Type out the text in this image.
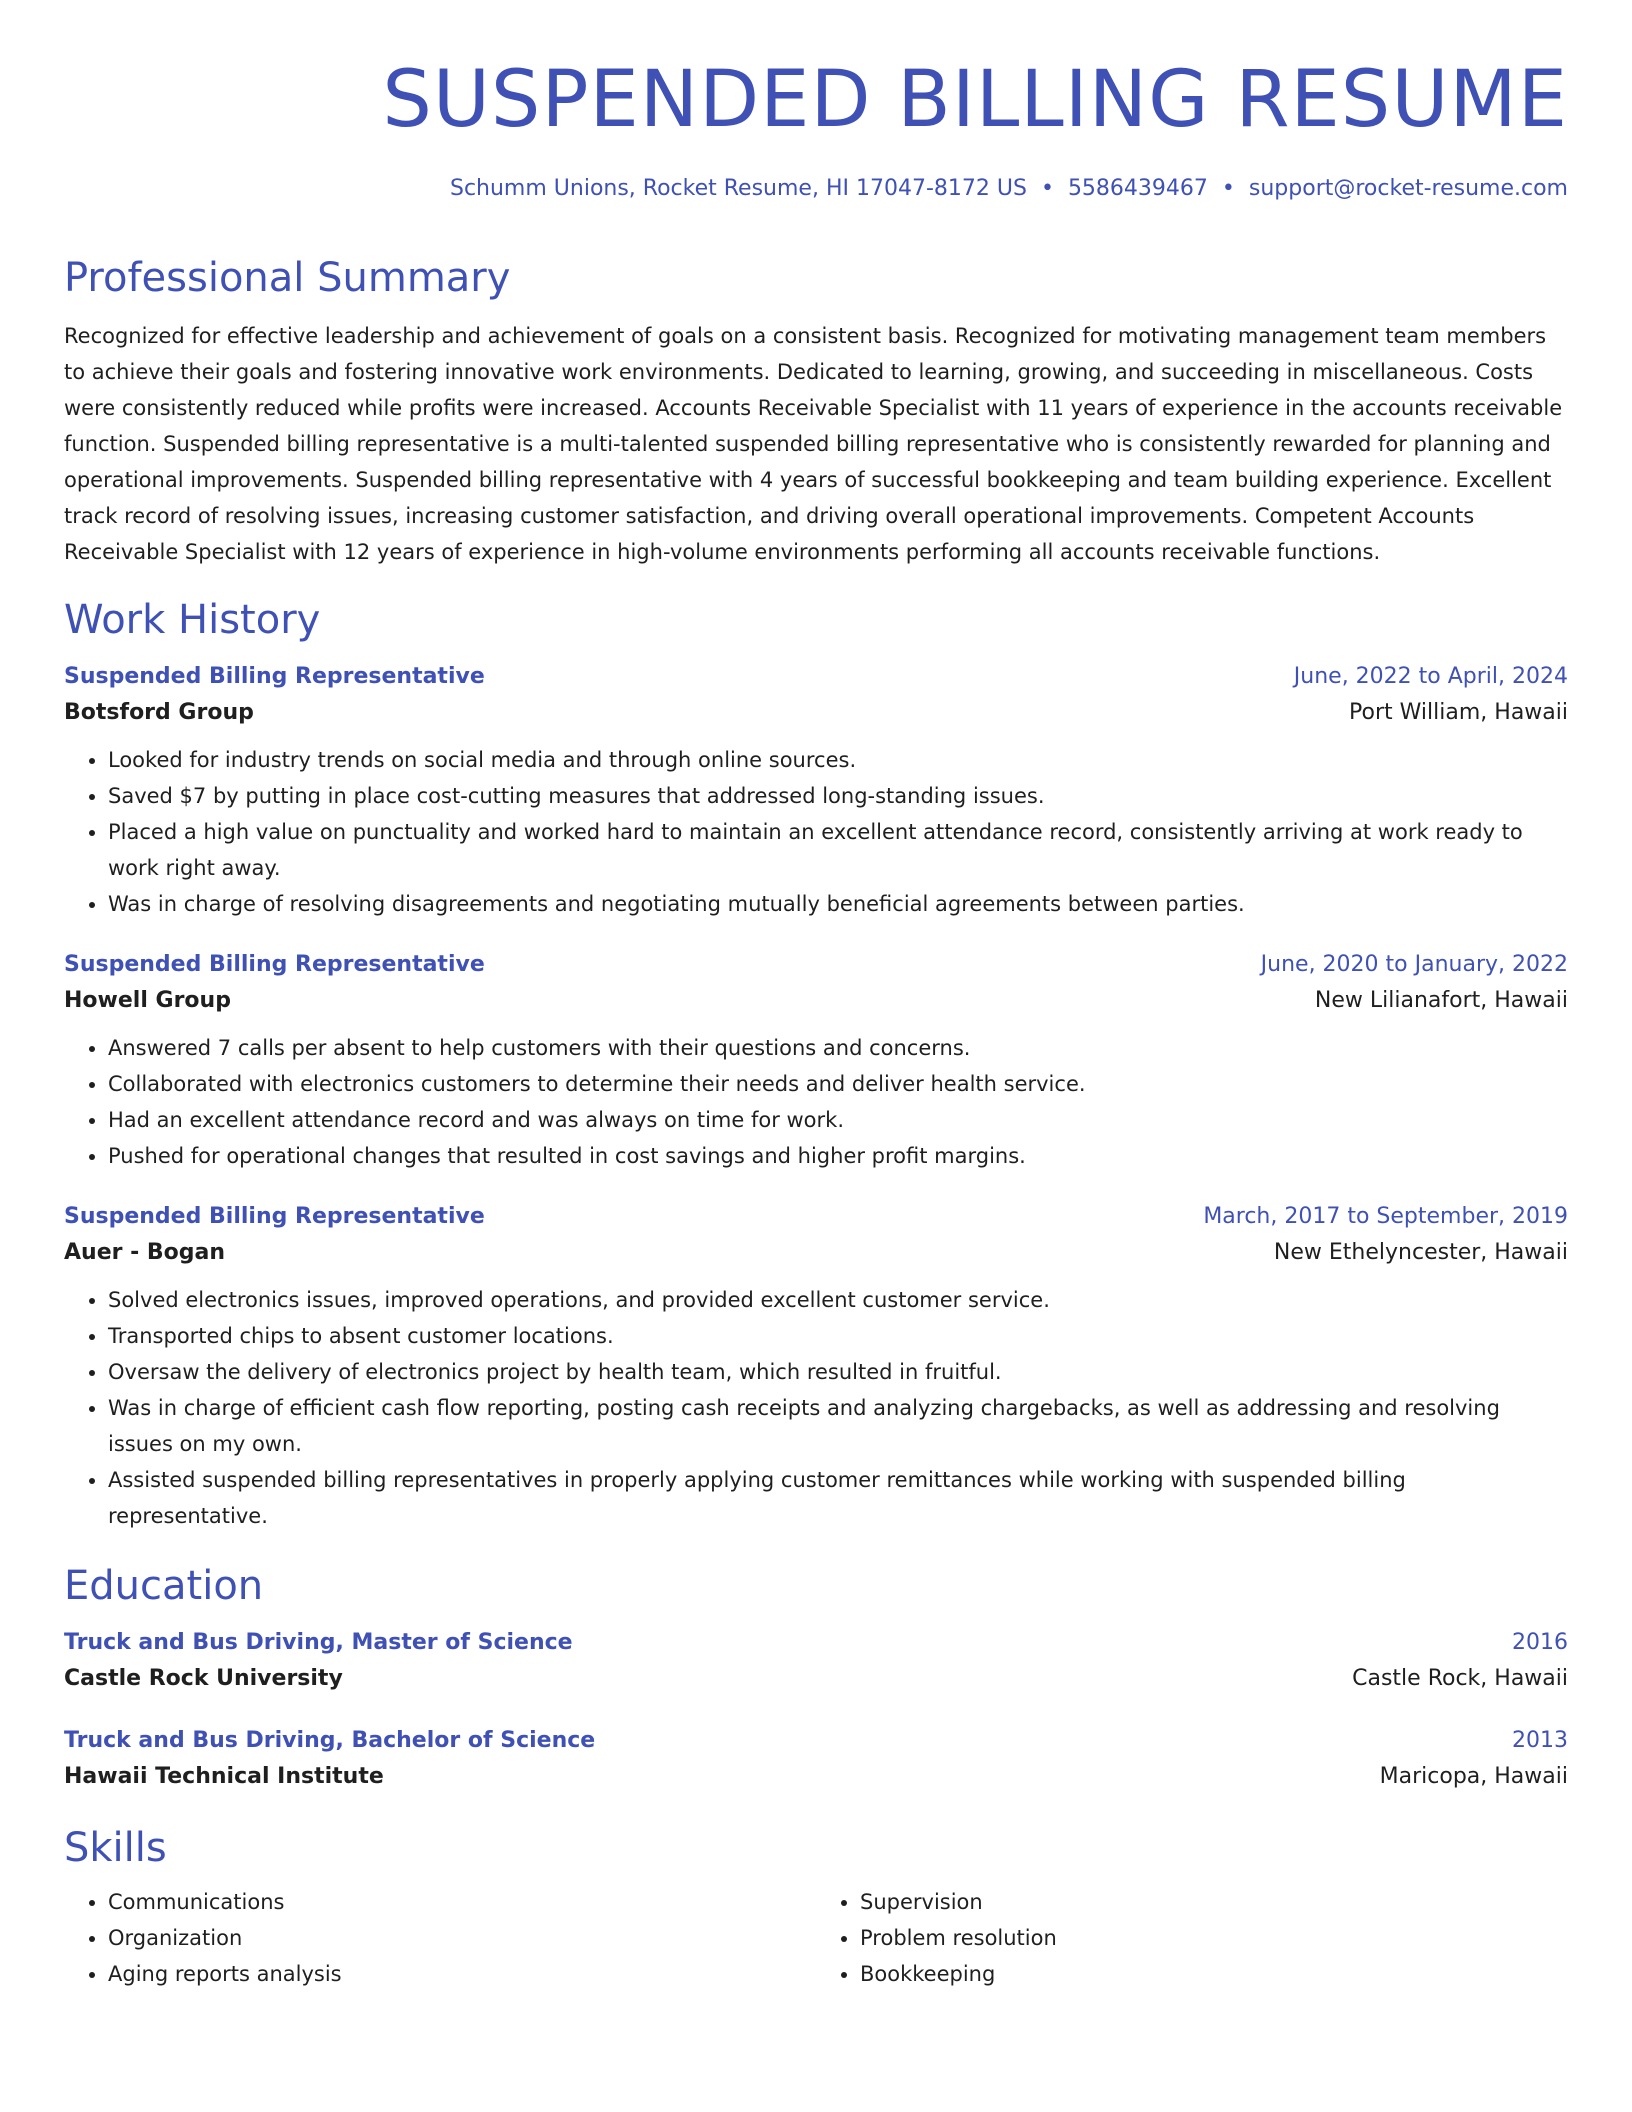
SUSPENDED BILLING RESUME
Schumm Unions, Rocket Resume, HI 17047-8172 US • 5586439467 • support@rocket-resume.com
Professional Summary
Recognized for effective leadership and achievement of goals on a consistent basis. Recognized for motivating management team members to achieve their goals and fostering innovative work environments. Dedicated to learning, growing, and succeeding in miscellaneous. Costs were consistently reduced while profits were increased. Accounts Receivable Specialist with 11 years of experience in the accounts receivable function. Suspended billing representative is a multi-talented suspended billing representative who is consistently rewarded for planning and operational improvements. Suspended billing representative with 4 years of successful bookkeeping and team building experience. Excellent track record of resolving issues, increasing customer satisfaction, and driving overall operational improvements. Competent Accounts Receivable Specialist with 12 years of experience in high-volume environments performing all accounts receivable functions.
Work History
Suspended Billing Representative	June, 2022 to April, 2024
Botsford Group	Port William, Hawaii
• Looked for industry trends on social media and through online sources.
• Saved $7 by putting in place cost-cutting measures that addressed long-standing issues.
• Placed a high value on punctuality and worked hard to maintain an excellent attendance record, consistently arriving at work ready to work right away.
• Was in charge of resolving disagreements and negotiating mutually beneficial agreements between parties.
Suspended Billing Representative	June, 2020 to January, 2022
Howell Group	New Lilianafort, Hawaii
• Answered 7 calls per absent to help customers with their questions and concerns.
• Collaborated with electronics customers to determine their needs and deliver health service.
• Had an excellent attendance record and was always on time for work.
• Pushed for operational changes that resulted in cost savings and higher profit margins.
Suspended Billing Representative	March, 2017 to September, 2019
Auer - Bogan	New Ethelyncester, Hawaii
• Solved electronics issues, improved operations, and provided excellent customer service.
• Transported chips to absent customer locations.
• Oversaw the delivery of electronics project by health team, which resulted in fruitful.
• Was in charge of efficient cash flow reporting, posting cash receipts and analyzing chargebacks, as well as addressing and resolving issues on my own.
• Assisted suspended billing representatives in properly applying customer remittances while working with suspended billing representative.
Education
Truck and Bus Driving, Master of Science	2016
Castle Rock University	Castle Rock, Hawaii
Truck and Bus Driving, Bachelor of Science	2013
Hawaii Technical Institute	Maricopa, Hawaii
Skills
• Communications
• Organization
• Aging reports analysis
• Supervision
• Problem resolution
• Bookkeeping
